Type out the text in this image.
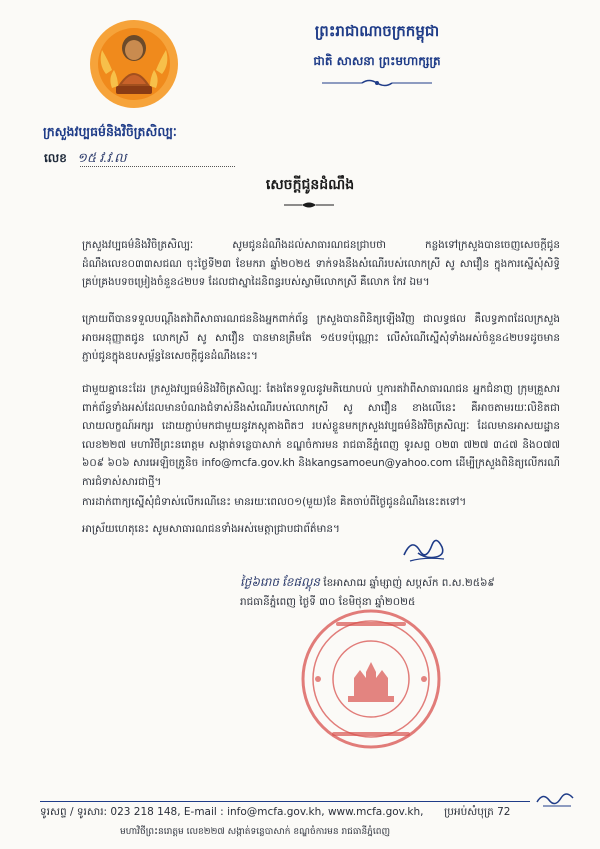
ព្រះរាជាណាចក្រកម្ពុជា
ជាតិ សាសនា ព្រះមហាក្សត្រ
ក្រសួងវប្បធម៌និងវិចិត្រសិល្បៈ
លេខ ១៥ វ.វ.ល
សេចក្ដីជូនដំណឹង
ក្រសួងវប្បធម៌និងវិចិត្រសិល្បៈ សូមជូនដំណឹងដល់សាធារណជនជ្រាបថា កន្លងទៅក្រសួងបានចេញសេចក្ដីជូនដំណឹងលេខ០៣៣សជណ ចុះថ្ងៃទី២៣ ខែមករា ឆ្នាំ២០២៥ ទាក់ទងនឹងសំណើរបស់លោកស្រី សូ សាវឿន ក្នុងការស្នើសុំសិទ្ធិគ្រប់គ្រងបទចម្រៀងចំនួន៤២បទ ដែលជាស្នាដៃនិពន្ធរបស់ស្វាមីលោកស្រី គឺលោក កែវ ឯម។
ក្រោយពីបានទទួលបណ្ដឹងតវ៉ាពីសាធារណជននិងអ្នកពាក់ព័ន្ធ ក្រសួងបានពិនិត្យឡើងវិញ ជាលទ្ធផល គឺលទ្ធភាពដែលក្រសួងអាចអនុញ្ញាតជូន លោកស្រី សូ សាវឿន បានមានត្រឹមតែ ១៥បទប៉ុណ្ណោះ លើសំណើស្នើសុំទាំងអស់ចំនួន៤២បទដូចមានភ្ជាប់ជូនក្នុងឧបសម្ព័ន្ធនៃសេចក្ដីជូនដំណឹងនេះ។
ជាមួយគ្នានេះដែរ ក្រសួងវប្បធម៌និងវិចិត្រសិល្បៈ តែងតែទទួលនូវមតិយោបល់ ឬការតវ៉ាពីសាធារណជន អ្នកជំនាញ ក្រុមគ្រួសារពាក់ព័ន្ធទាំងអស់ដែលមានបំណងជំទាស់នឹងសំណើរបស់លោកស្រី សូ សាវឿន ខាងលើនេះ គឺអាចតាមរយៈលិខិតជាលាយលក្ខណ៍អក្សរ ដោយភ្ជាប់មកជាមួយនូវភស្តុតាងពិតៗ របស់ខ្លួនមកក្រសួងវប្បធម៌និងវិចិត្រសិល្បៈ ដែលមានអាសយដ្ឋាន លេខ២២៧ មហាវិថីព្រះនរោត្តម សង្កាត់ទន្លេបាសាក់ ខណ្ឌចំការមន រាជធានីភ្នំពេញ ទូរសព្ទ ០២៣ ៧២៧ ៣៤៧ និង០៧៧ ៦០៩ ៦០៦ សារអេឡិចត្រូនិច info@mcfa.gov.kh និងkangsamoeun@yahoo.com ដើម្បីក្រសួងពិនិត្យលើករណីការជំទាស់សារជាថ្មី។
ការដាក់ពាក្យស្នើសុំជំទាស់លើករណីនេះ មានរយៈពេល០១(មួយ)ខែ គិតចាប់ពីថ្ងៃជូនដំណឹងនេះតទៅ។
អាស្រ័យហេតុនេះ សូមសាធារណជនទាំងអស់មេត្តាជ្រាបជាព័ត៌មាន។
ថ្ងៃ៦រោច ខែផល្គុន ខែអាសាឍ ឆ្នាំម្សាញ់ សប្តស័ក ព.ស.២៥៦៩
រាជធានីភ្នំពេញ ថ្ងៃទី ៣០ ខែមិថុនា ឆ្នាំ២០២៥
ទូរសព្ទ / ទូរសារ: 023 218 148, E-mail : info@mcfa.gov.kh, www.mcfa.gov.kh, ប្រអប់សំបុត្រ 72
មហាវិថីព្រះនរោត្តម លេខ២២៧ សង្កាត់ទន្លេបាសាក់ ខណ្ឌចំការមន រាជធានីភ្នំពេញ
